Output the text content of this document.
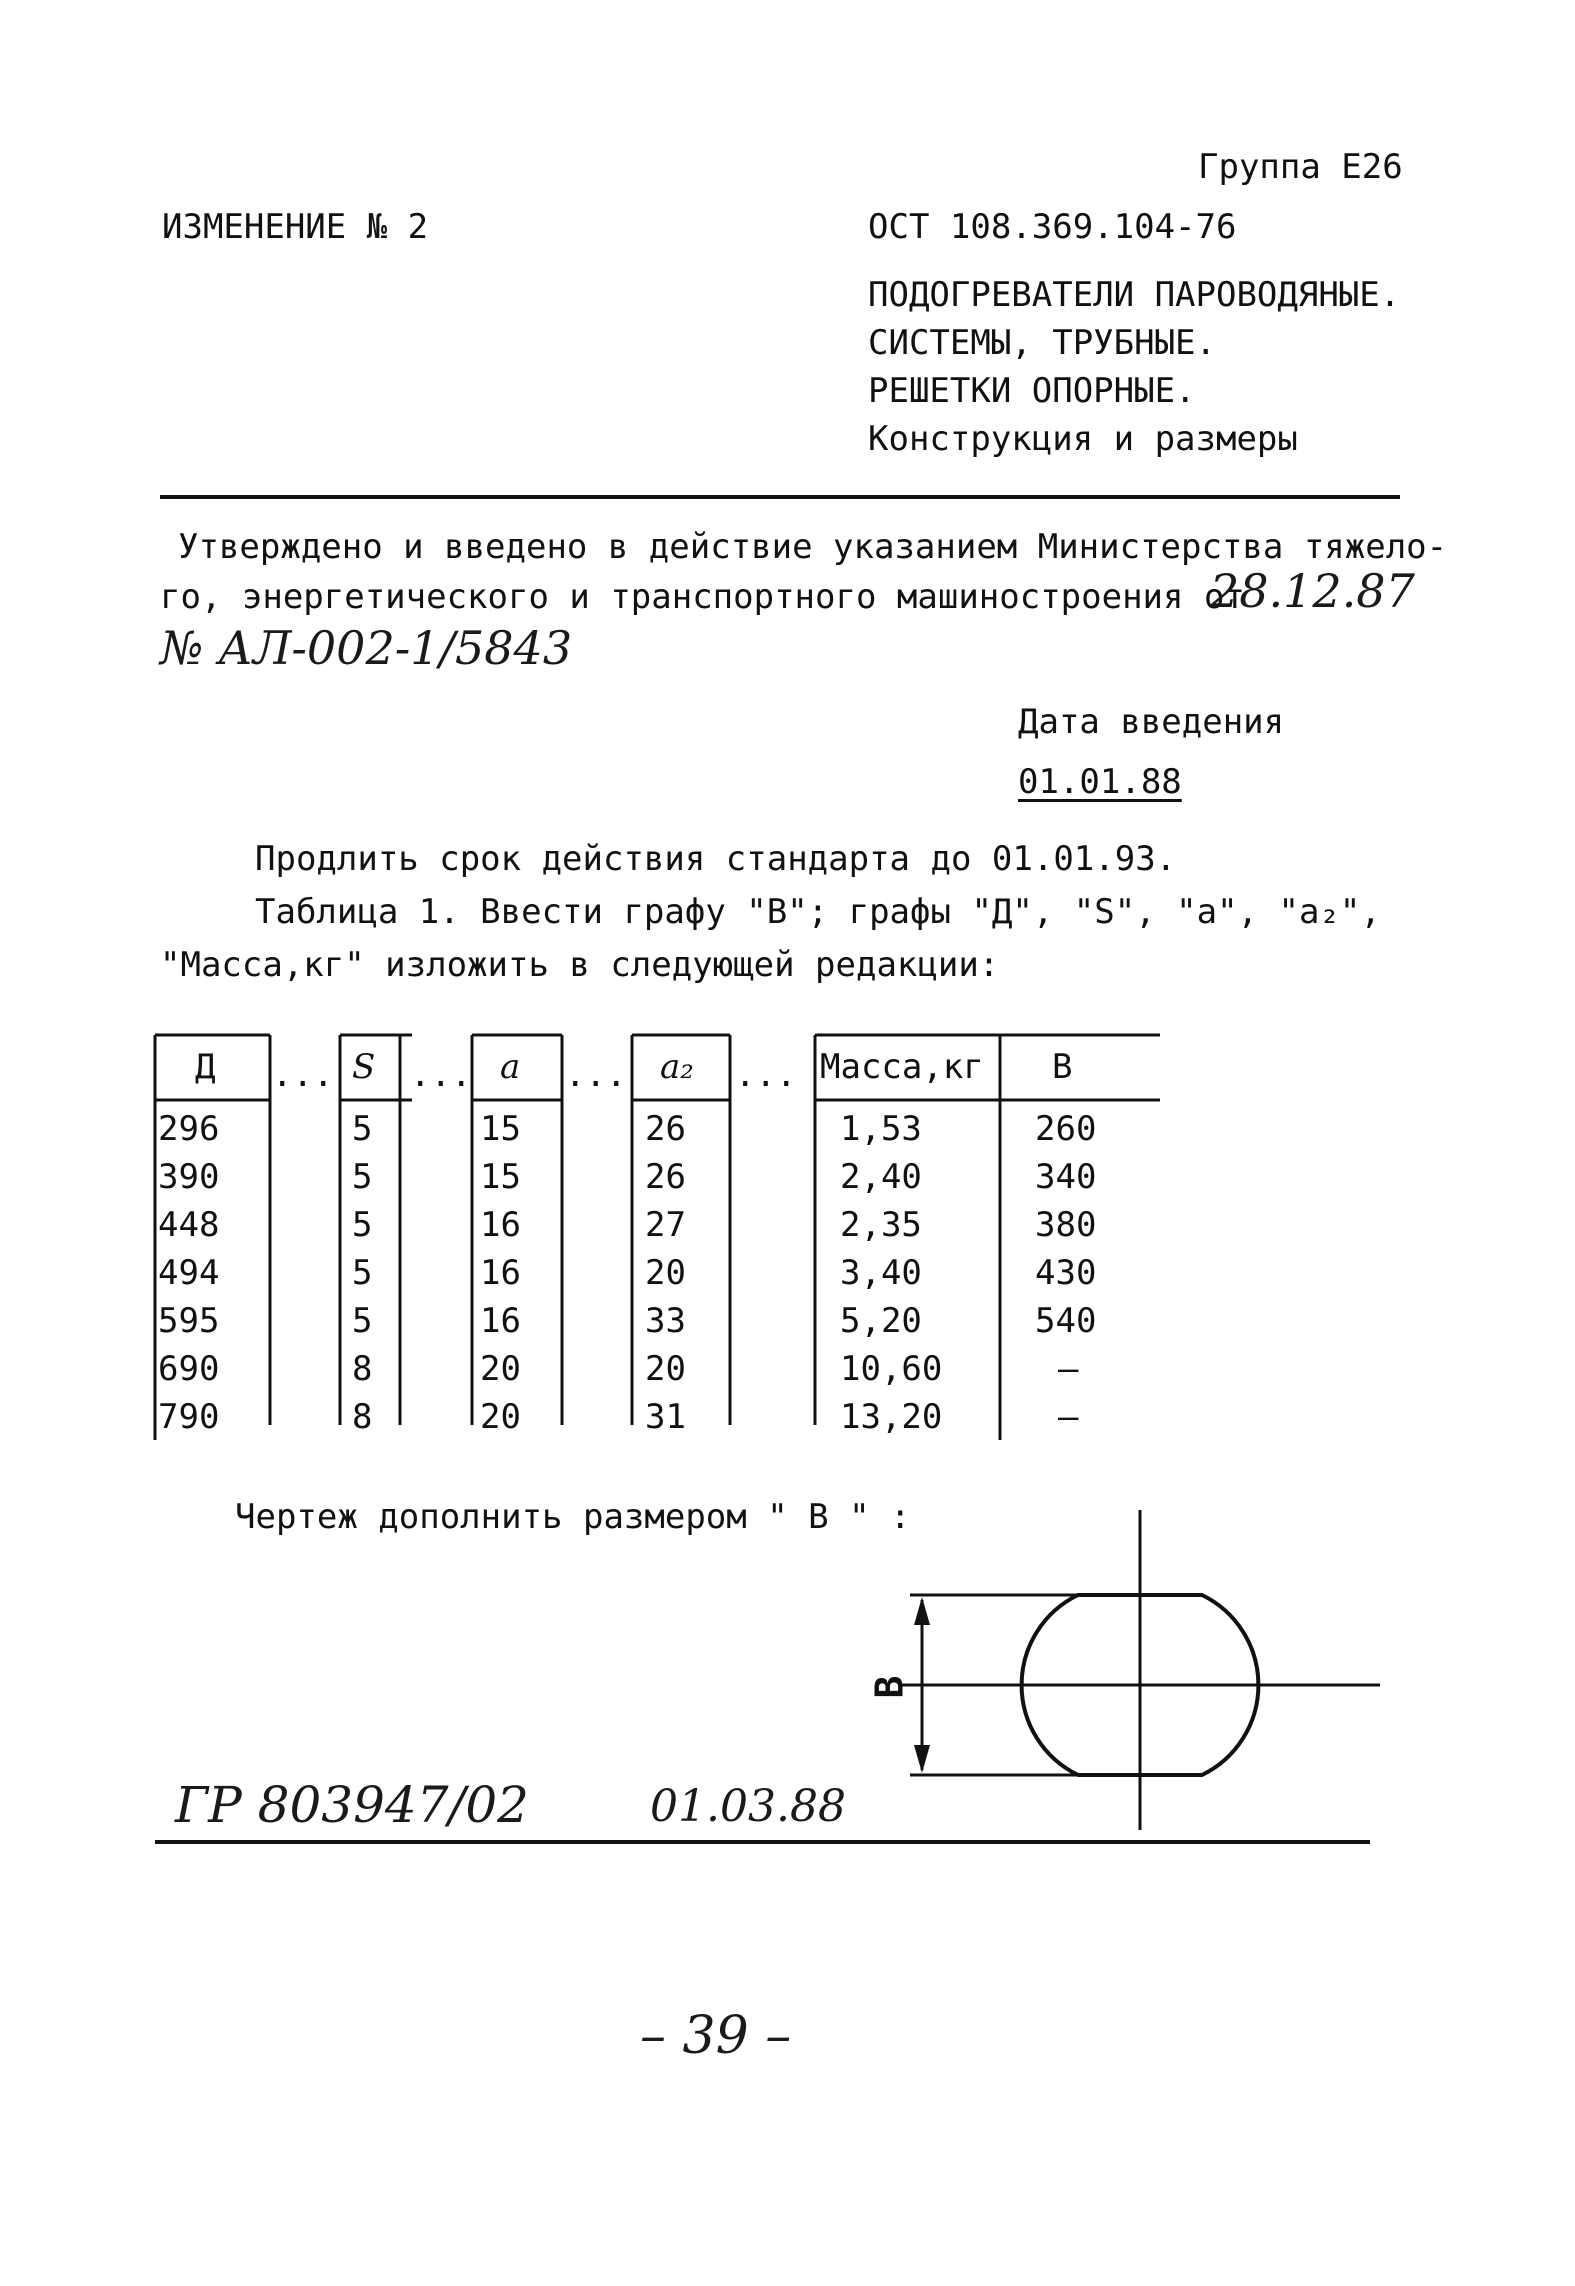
Группа Е26
ИЗМЕНЕНИЕ № 2	ОСТ 108.369.104-76
ПОДОГРЕВАТЕЛИ ПАРОВОДЯНЫЕ.
СИСТЕМЫ, ТРУБНЫЕ.
РЕШЕТКИ ОПОРНЫЕ.
Конструкция и размеры
Утверждено и введено в действие указанием Министерства тяжело-
го, энергетического и транспортного машиностроения от
28.12.87
№ АЛ-002-1/5843
Дата введения
01.01.88
Продлить срок действия стандарта до 01.01.93.
Таблица 1. Ввести графу "В"; графы "Д", "S", "a", "a₂",
"Масса,кг" изложить в следующей редакции:
Д ... S ... a ... a₂ ... Масса,кг В
296	5	15	26	1,53	260
390	5	15	26	2,40	340
448	5	16	27	2,35	380
494	5	16	20	3,40	430
595	5	16	33	5,20	540
690	8	20	20	10,60	–
790	8	20	31	13,20	–
Чертеж дополнить размером " В " :
В
ГР 803947/02	01.03.88
– 39 –
